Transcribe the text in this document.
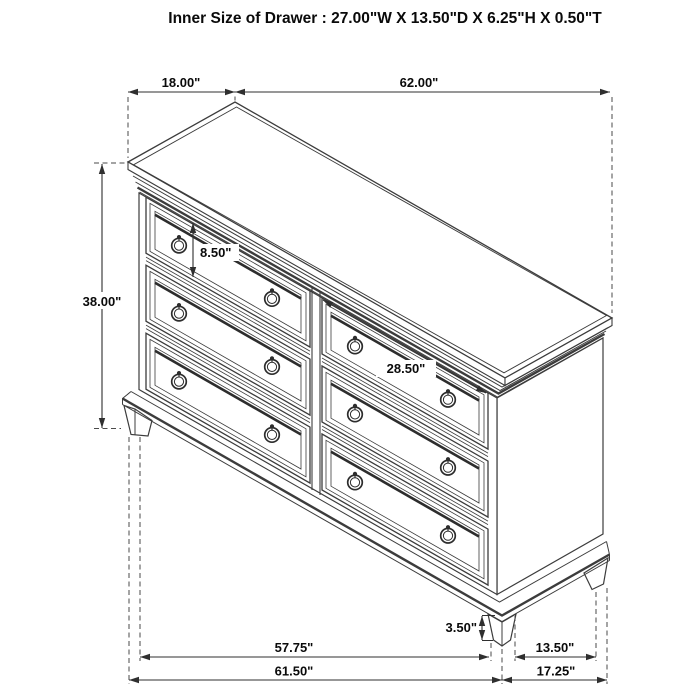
Inner Size of Drawer : 27.00"W X 13.50"D X 6.25"H X 0.50"T
18.00"	62.00"
38.00"
8.50"
28.50"
3.50"
57.75"	13.50"
61.50"	17.25"
